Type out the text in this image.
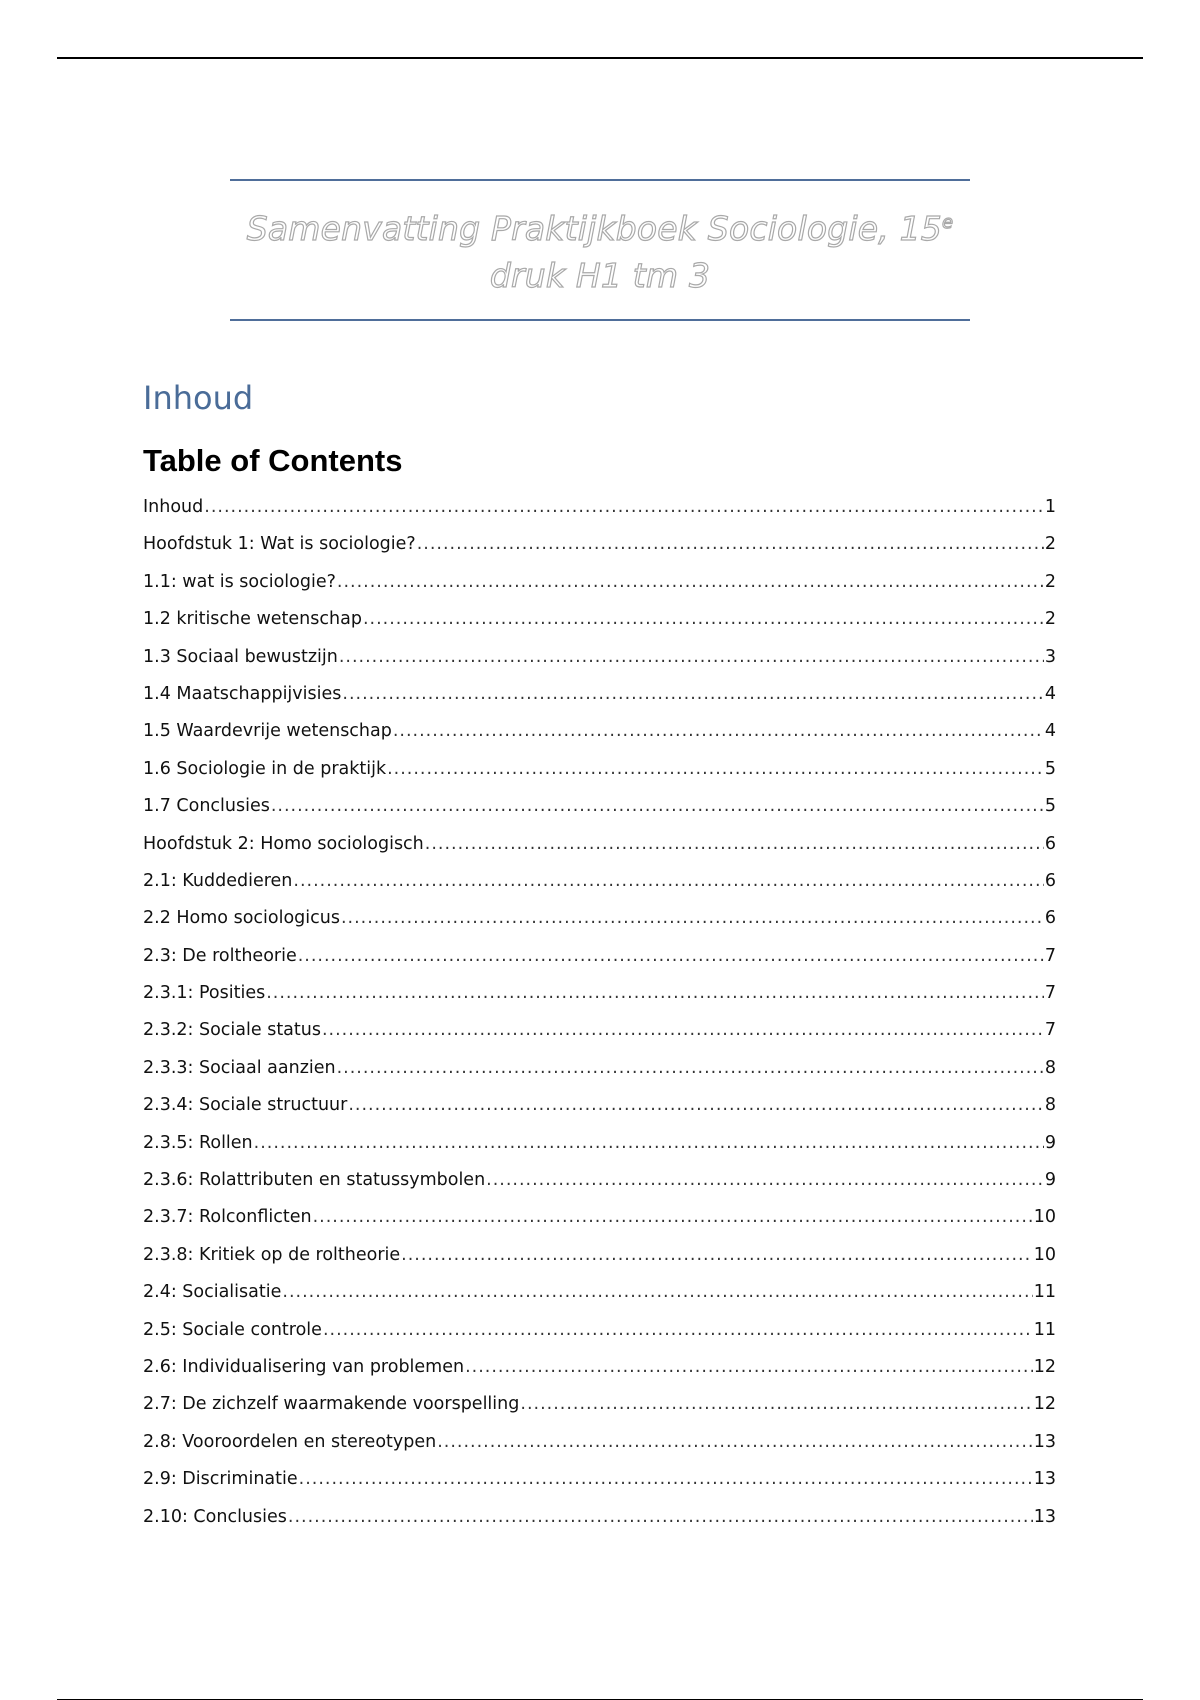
Samenvatting Praktijkboek Sociologie, 15e
druk H1 tm 3
Inhoud
Table of Contents
Inhoud .....	1
Hoofdstuk 1: Wat is sociologie? .....	2
1.1: wat is sociologie? .....	2
1.2 kritische wetenschap .....	2
1.3 Sociaal bewustzijn .....	3
1.4 Maatschappijvisies .....	4
1.5 Waardevrije wetenschap .....	4
1.6 Sociologie in de praktijk .....	5
1.7 Conclusies .....	5
Hoofdstuk 2: Homo sociologisch .....	6
2.1: Kuddedieren .....	6
2.2 Homo sociologicus .....	6
2.3: De roltheorie .....	7
2.3.1: Posities .....	7
2.3.2: Sociale status .....	7
2.3.3: Sociaal aanzien .....	8
2.3.4: Sociale structuur .....	8
2.3.5: Rollen .....	9
2.3.6: Rolattributen en statussymbolen .....	9
2.3.7: Rolconflicten .....	10
2.3.8: Kritiek op de roltheorie .....	10
2.4: Socialisatie .....	11
2.5: Sociale controle .....	11
2.6: Individualisering van problemen .....	12
2.7: De zichzelf waarmakende voorspelling .....	12
2.8: Vooroordelen en stereotypen .....	13
2.9: Discriminatie .....	13
2.10: Conclusies .....	13
